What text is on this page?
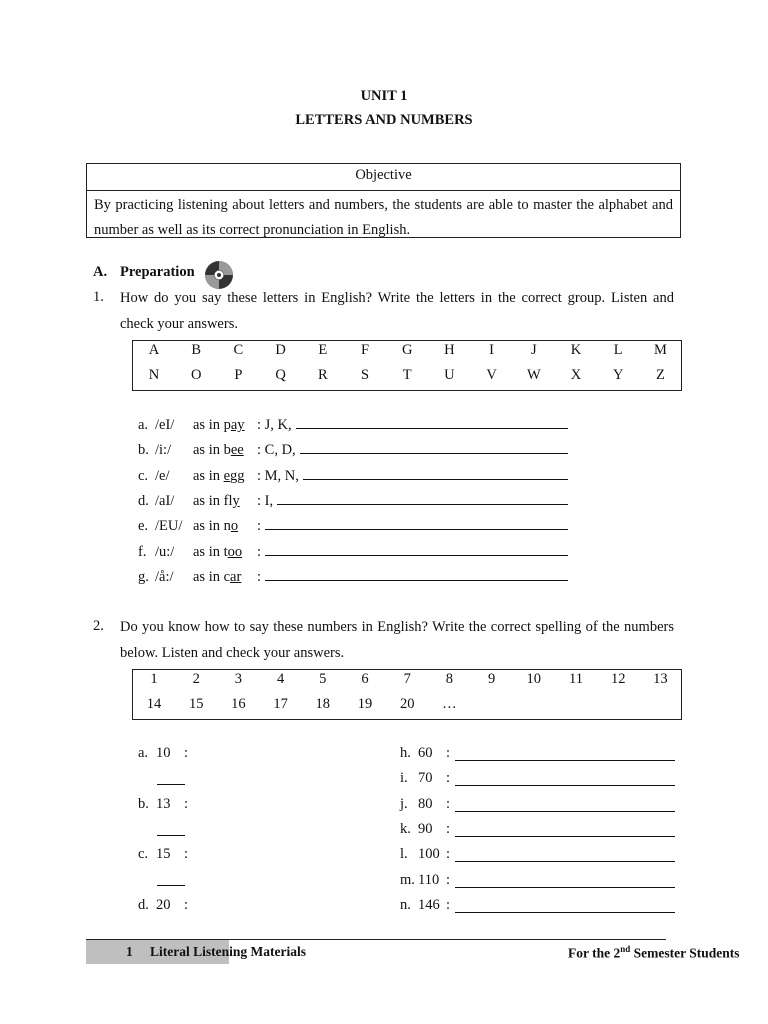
UNIT 1
LETTERS AND NUMBERS
Objective
By practicing listening about letters and numbers, the students are able to master the alphabet and number as well as its correct pronunciation in English.
A. Preparation
1. How do you say these letters in English? Write the letters in the correct group. Listen and check your answers.
A	B	C	D	E	F	G	H	I	J	K	L	M
N	O	P	Q	R	S	T	U	V	W	X	Y	Z
a. /eI/ as in pay : J, K,
b. /i:/ as in bee : C, D,
c. /e/ as in egg : M, N,
d. /aI/ as in fly : I,
e. /EU/ as in no :
f. /u:/ as in too :
g. /å:/ as in car :
2. Do you know how to say these numbers in English? Write the correct spelling of the numbers below. Listen and check your answers.
1	2	3	4	5	6	7	8	9	10	11	12	13
14	15	16	17	18	19	20	…
a. 10 :
b. 13 :
c. 15 :
d. 20 :
h. 60 :
i. 70 :
j. 80 :
k. 90 :
l. 100 :
m. 110 :
n. 146 :
1 Literal Listening Materials	For the 2nd Semester Students
